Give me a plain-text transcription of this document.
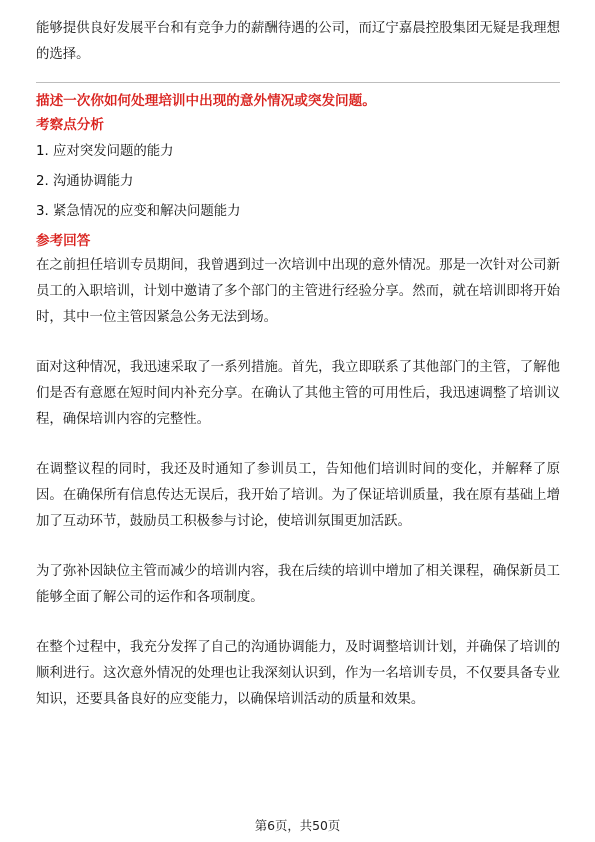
能够提供良好发展平台和有竞争力的薪酬待遇的公司，而辽宁嘉晨控股集团无疑是我理想的选择。

描述一次你如何处理培训中出现的意外情况或突发问题。

考察点分析

1. 应对突发问题的能力

2. 沟通协调能力

3. 紧急情况的应变和解决问题能力

参考回答

在之前担任培训专员期间，我曾遇到过一次培训中出现的意外情况。那是一次针对公司新员工的入职培训，计划中邀请了多个部门的主管进行经验分享。然而，就在培训即将开始时，其中一位主管因紧急公务无法到场。

面对这种情况，我迅速采取了一系列措施。首先，我立即联系了其他部门的主管，了解他们是否有意愿在短时间内补充分享。在确认了其他主管的可用性后，我迅速调整了培训议程，确保培训内容的完整性。

在调整议程的同时，我还及时通知了参训员工，告知他们培训时间的变化，并解释了原因。在确保所有信息传达无误后，我开始了培训。为了保证培训质量，我在原有基础上增加了互动环节，鼓励员工积极参与讨论，使培训氛围更加活跃。

为了弥补因缺位主管而减少的培训内容，我在后续的培训中增加了相关课程，确保新员工能够全面了解公司的运作和各项制度。

在整个过程中，我充分发挥了自己的沟通协调能力，及时调整培训计划，并确保了培训的顺利进行。这次意外情况的处理也让我深刻认识到，作为一名培训专员，不仅要具备专业知识，还要具备良好的应变能力，以确保培训活动的质量和效果。

第6页，共50页
